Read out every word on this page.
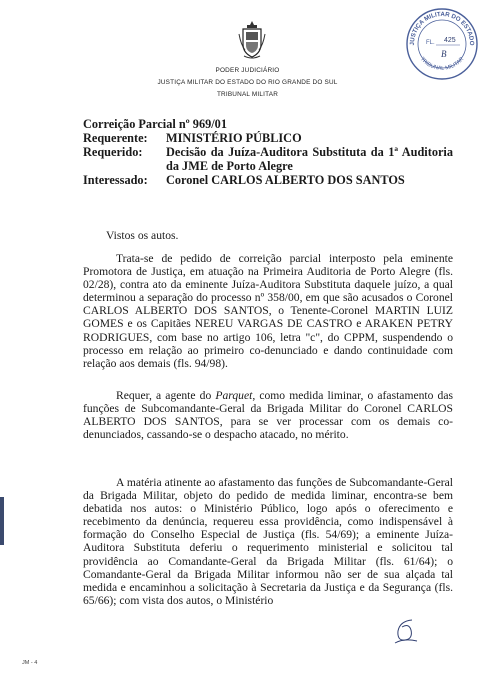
PODER JUDICIÁRIO
JUSTIÇA MILITAR DO ESTADO DO RIO GRANDE DO SUL
TRIBUNAL MILITAR
JUSTIÇA MILITAR DO ESTADO
TRIBUNAL MILITAR
FL. 425
B
Correição Parcial nº 969/01
Requerente:	MINISTÉRIO PÚBLICO
Requerido:	Decisão da Juíza-Auditora Substituta da 1ª Auditoria da JME de Porto Alegre
Interessado:	Coronel CARLOS ALBERTO DOS SANTOS

Vistos os autos.

Trata-se de pedido de correição parcial interposto pela eminente Promotora de Justiça, em atuação na Primeira Auditoria de Porto Alegre (fls. 02/28), contra ato da eminente Juíza-Auditora Substituta daquele juízo, a qual determinou a separação do processo nº 358/00, em que são acusados o Coronel CARLOS ALBERTO DOS SANTOS, o Tenente-Coronel MARTIN LUIZ GOMES e os Capitães NEREU VARGAS DE CASTRO e ARAKEN PETRY RODRIGUES, com base no artigo 106, letra "c", do CPPM, suspendendo o processo em relação ao primeiro co-denunciado e dando continuidade com relação aos demais (fls. 94/98).

Requer, a agente do Parquet, como medida liminar, o afastamento das funções de Subcomandante-Geral da Brigada Militar do Coronel CARLOS ALBERTO DOS SANTOS, para se ver processar com os demais co-denunciados, cassando-se o despacho atacado, no mérito.

A matéria atinente ao afastamento das funções de Subcomandante-Geral da Brigada Militar, objeto do pedido de medida liminar, encontra-se bem debatida nos autos: o Ministério Público, logo após o oferecimento e recebimento da denúncia, requereu essa providência, como indispensável à formação do Conselho Especial de Justiça (fls. 54/69); a eminente Juíza-Auditora Substituta deferiu o requerimento ministerial e solicitou tal providência ao Comandante-Geral da Brigada Militar (fls. 61/64); o Comandante-Geral da Brigada Militar informou não ser de sua alçada tal medida e encaminhou a solicitação à Secretaria da Justiça e da Segurança (fls. 65/66); com vista dos autos, o Ministério

JM - 4
